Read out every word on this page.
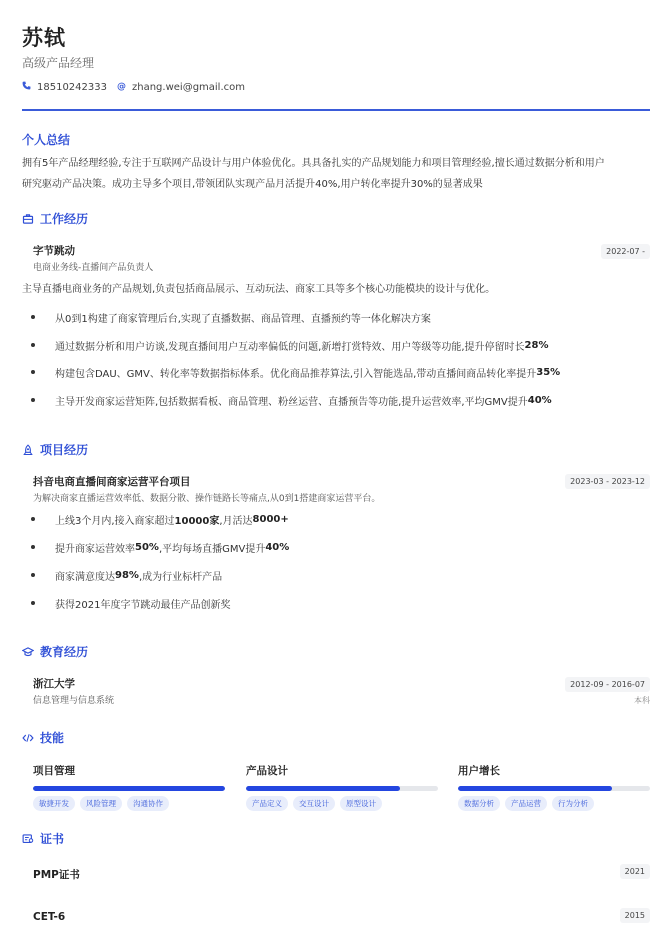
苏轼
高级产品经理
18510242333 @ zhang.wei@gmail.com
个人总结
拥有5年产品经理经验,专注于互联网产品设计与用户体验优化。具具备扎实的产品规划能力和项目管理经验,擅长通过数据分析和用户
研究驱动产品决策。成功主导多个项目,带领团队实现产品月活提升40%,用户转化率提升30%的显著成果
工作经历
字节跳动
电商业务线-直播间产品负责人
2022-07 -
主导直播电商业务的产品规划,负责包括商品展示、互动玩法、商家工具等多个核心功能模块的设计与优化。
从0到1构建了商家管理后台,实现了直播数据、商品管理、直播预约等一体化解决方案
通过数据分析和用户访谈,发现直播间用户互动率偏低的问题,新增打赏特效、用户等级等功能,提升停留时长 28%
构建包含DAU、GMV、转化率等数据指标体系。优化商品推荐算法,引入智能选品,带动直播间商品转化率提升 35%
主导开发商家运营矩阵,包括数据看板、商品管理、粉丝运营、直播预告等功能,提升运营效率,平均GMV提升 40%
项目经历
抖音电商直播间商家运营平台项目
为解决商家直播运营效率低、数据分散、操作链路长等痛点,从0到1搭建商家运营平台。
2023-03 - 2023-12
上线3个月内,接入商家超过 10000家 ,月活达 8000+
提升商家运营效率 50% ,平均每场直播GMV提升 40%
商家满意度达 98% ,成为行业标杆产品
获得2021年度字节跳动最佳产品创新奖
教育经历
浙江大学
信息管理与信息系统
2012-09 - 2016-07
本科
技能
项目管理
敏捷开发	风险管理	沟通协作
产品设计
产品定义	交互设计	原型设计
用户增长
数据分析	产品运营	行为分析
证书
PMP证书	2021
CET-6	2015
